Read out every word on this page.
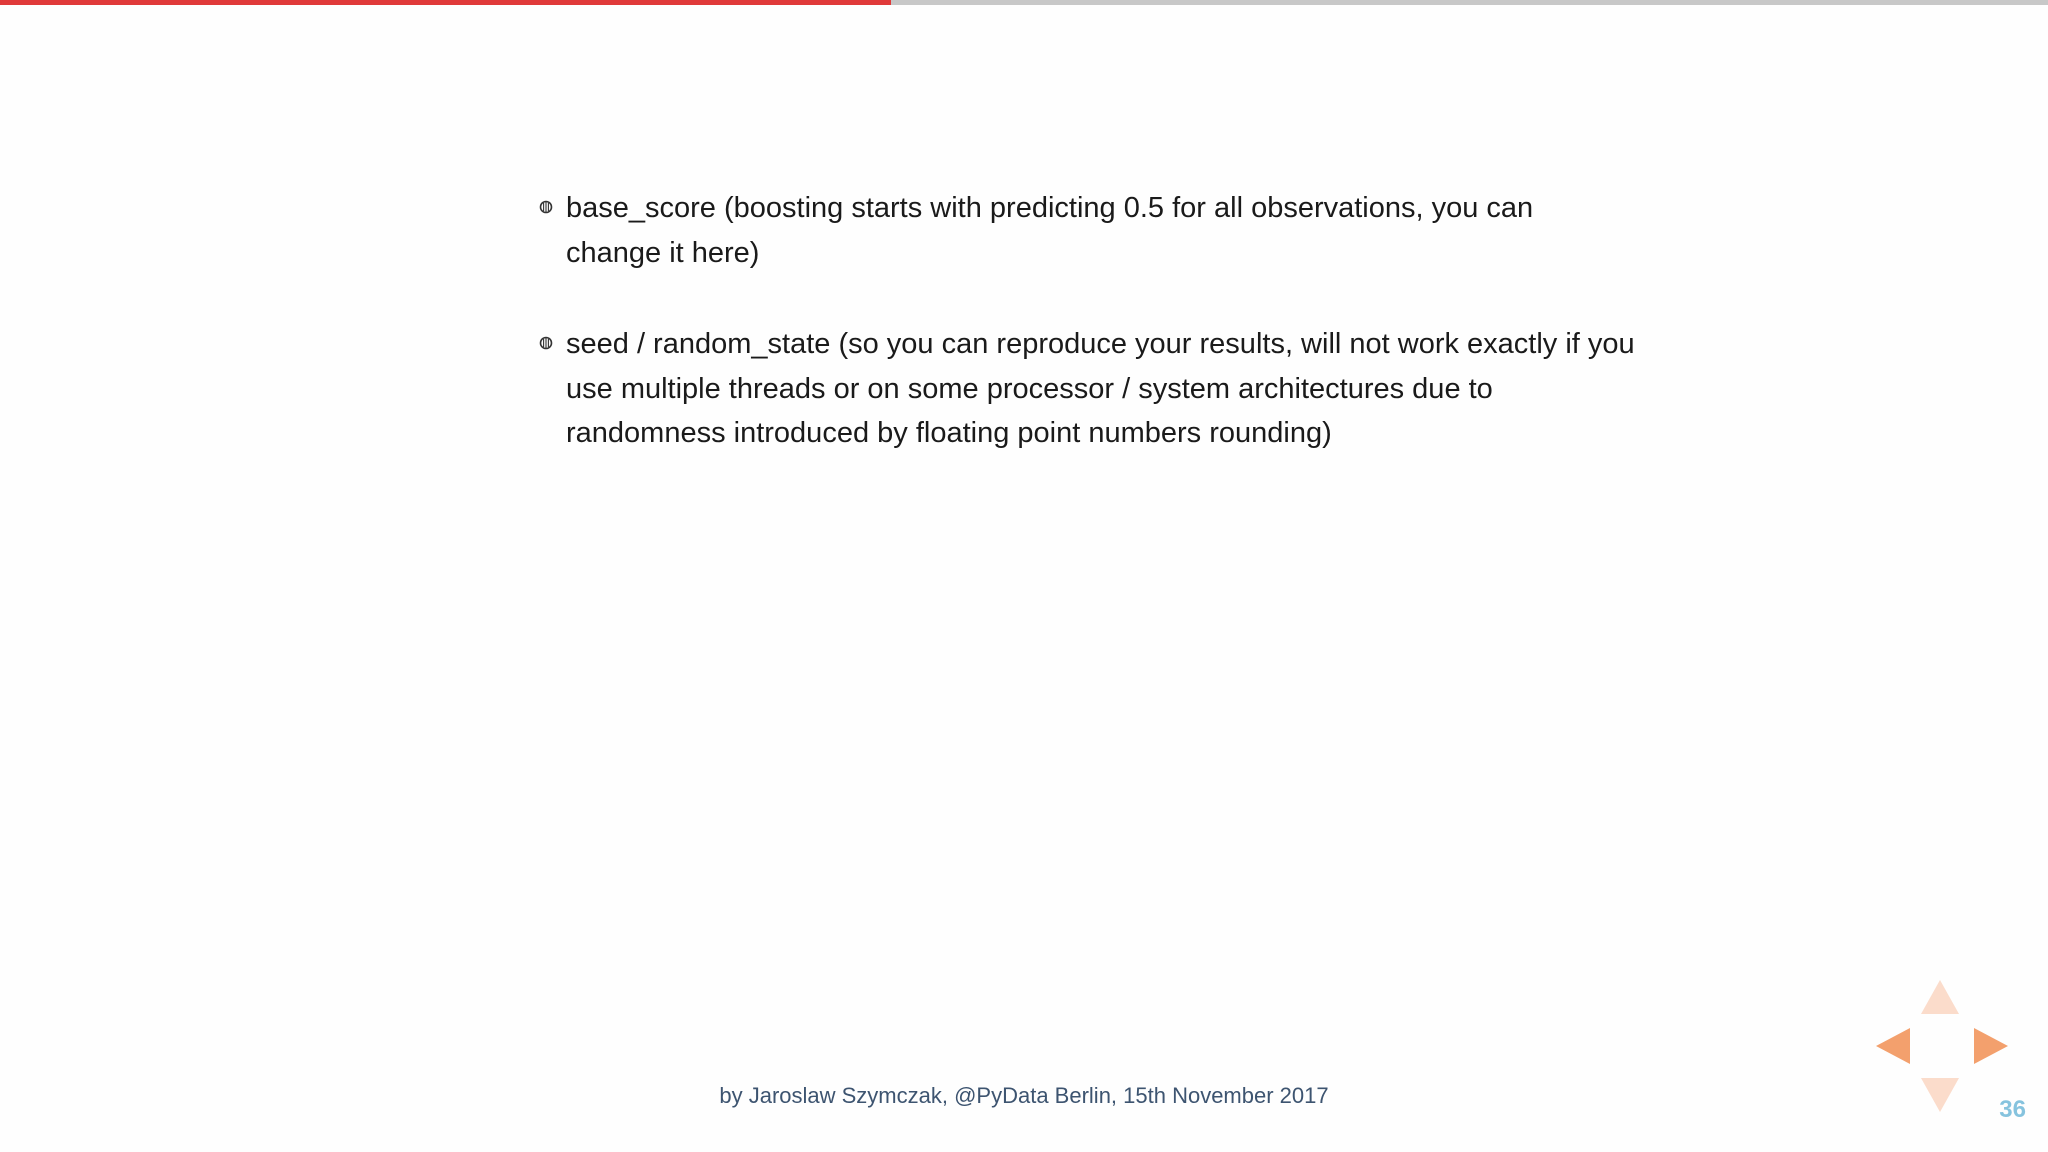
base_score (boosting starts with predicting 0.5 for all observations, you can change it here)
seed / random_state (so you can reproduce your results, will not work exactly if you use multiple threads or on some processor / system architectures due to randomness introduced by floating point numbers rounding)
by Jaroslaw Szymczak, @PyData Berlin, 15th November 2017
36
